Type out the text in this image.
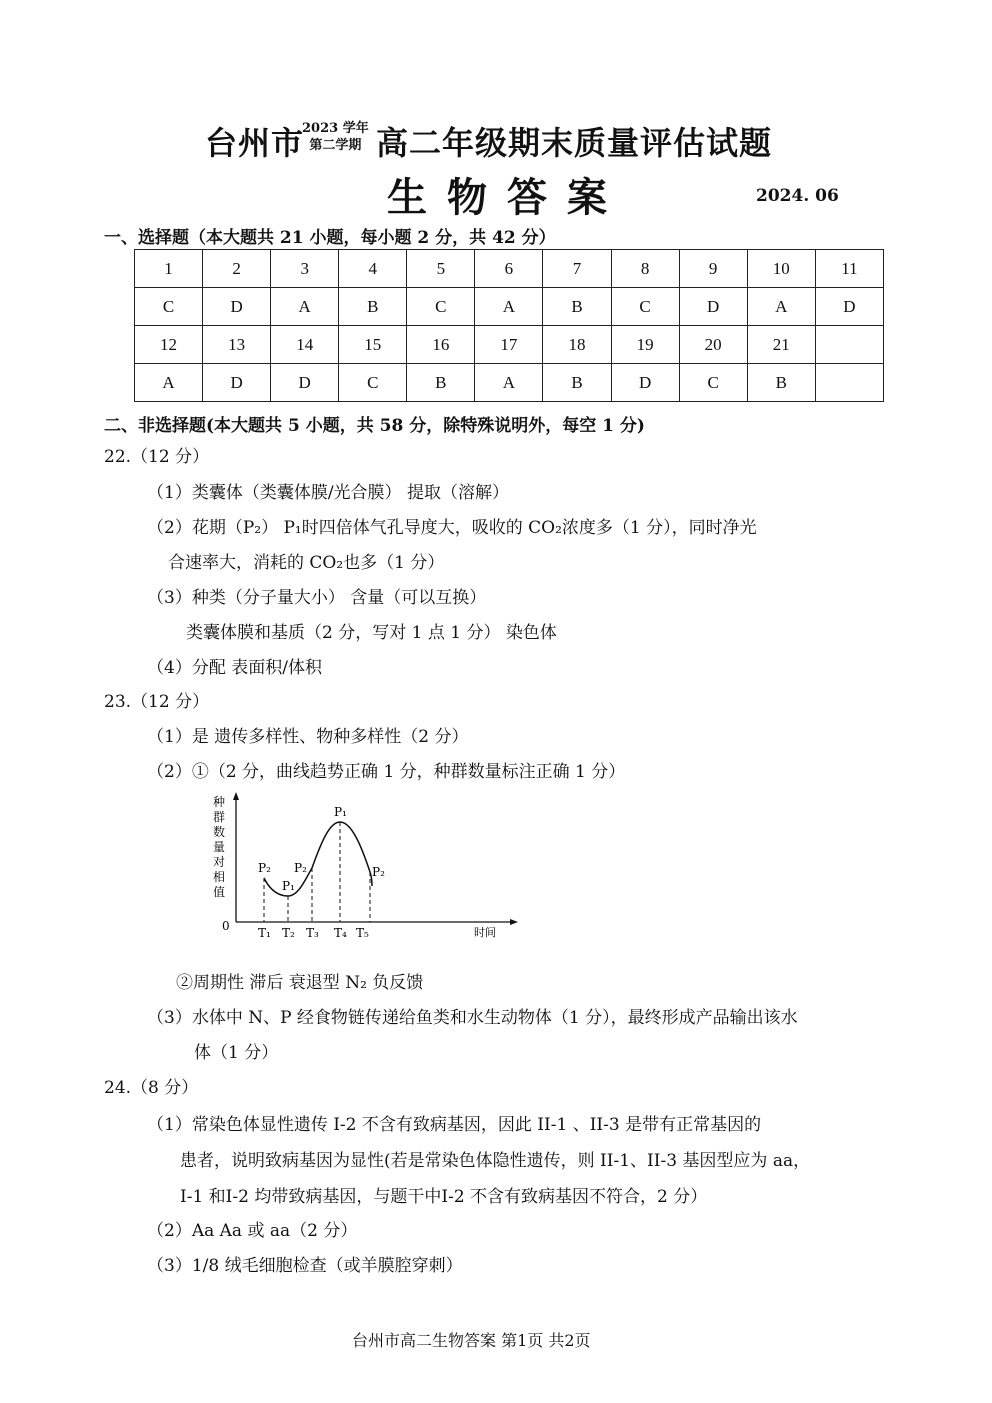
台州市
2023 学年
第二学期 高二年级期末质量评估试题
生物答案	2024. 06
一、选择题（本大题共 21 小题，每小题 2 分，共 42 分）
1	2	3	4	5	6	7	8	9	10	11
C	D	A	B	C	A	B	C	D	A	D
12	13	14	15	16	17	18	19	20	21	
A	D	D	C	B	A	B	D	C	B	
二、非选择题(本大题共 5 小题，共 58 分，除特殊说明外，每空 1 分)
22.（12 分）
（1）类囊体（类囊体膜/光合膜） 提取（溶解）
（2）花期（P₂） P₁时四倍体气孔导度大，吸收的 CO₂浓度多（1 分），同时净光
合速率大，消耗的 CO₂也多（1 分）
（3）种类（分子量大小） 含量（可以互换）
类囊体膜和基质（2 分，写对 1 点 1 分） 染色体
（4）分配 表面积/体积
23.（12 分）
（1）是 遗传多样性、物种多样性（2 分）
（2）①（2 分，曲线趋势正确 1 分，种群数量标注正确 1 分）
种
群
数
量
对
相
值
0	时间
P₂
P₁
P₂
P₁
P₂
T₁ T₂ T₃ T₄ T₅
②周期性 滞后 衰退型 N₂ 负反馈
（3）水体中 N、P 经食物链传递给鱼类和水生动物体（1 分），最终形成产品输出该水
体（1 分）
24.（8 分）
（1）常染色体显性遗传 Ⅰ-2 不含有致病基因，因此 II-1 、II-3 是带有正常基因的
患者，说明致病基因为显性(若是常染色体隐性遗传，则 II-1、II-3 基因型应为 aa，
Ⅰ-1 和Ⅰ-2 均带致病基因，与题干中Ⅰ-2 不含有致病基因不符合，2 分）
（2）Aa Aa 或 aa（2 分）
（3）1/8 绒毛细胞检查（或羊膜腔穿刺）
台州市高二生物答案 第1页 共2页
